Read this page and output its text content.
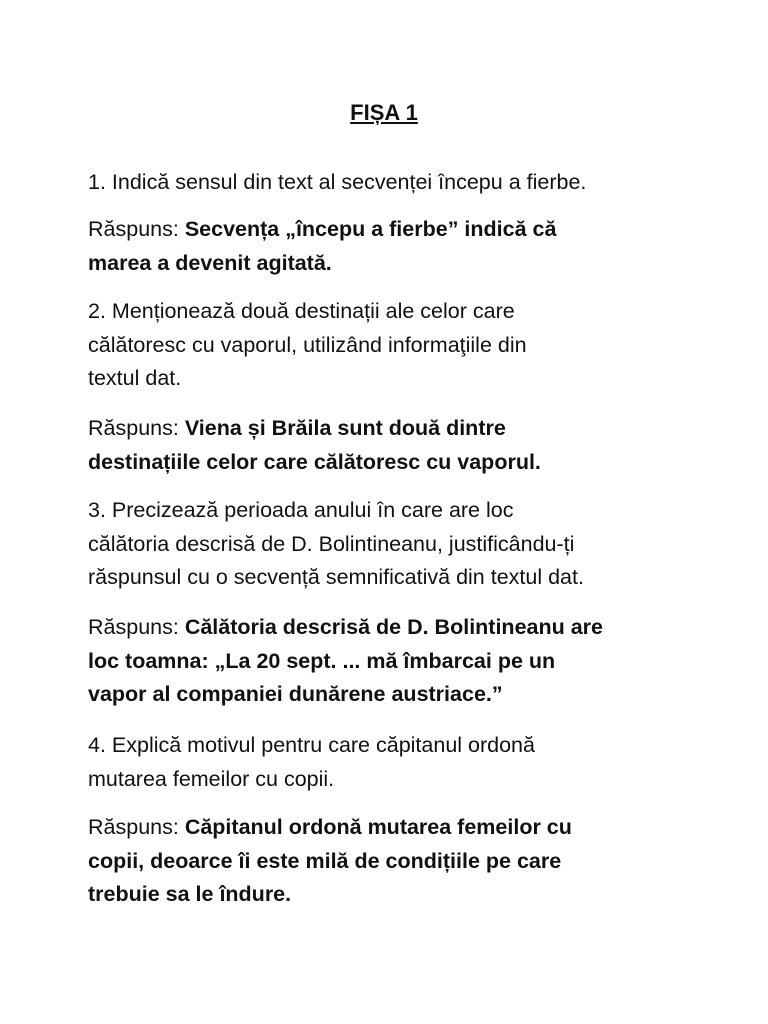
FIȘA 1
1. Indică sensul din text al secvenței începu a fierbe.
Răspuns: Secvența „începu a fierbe” indică că
marea a devenit agitată.
2. Menționează două destinații ale celor care
călătoresc cu vaporul, utilizând informaţiile din
textul dat.
Răspuns: Viena și Brăila sunt două dintre
destinațiile celor care călătoresc cu vaporul.
3. Precizează perioada anului în care are loc
călătoria descrisă de D. Bolintineanu, justificându-ți
răspunsul cu o secvență semnificativă din textul dat.
Răspuns: Călătoria descrisă de D. Bolintineanu are
loc toamna: „La 20 sept. ... mă îmbarcai pe un
vapor al companiei dunărene austriace.”
4. Explică motivul pentru care căpitanul ordonă
mutarea femeilor cu copii.
Răspuns: Căpitanul ordonă mutarea femeilor cu
copii, deoarce îi este milă de condițiile pe care
trebuie sa le îndure.
